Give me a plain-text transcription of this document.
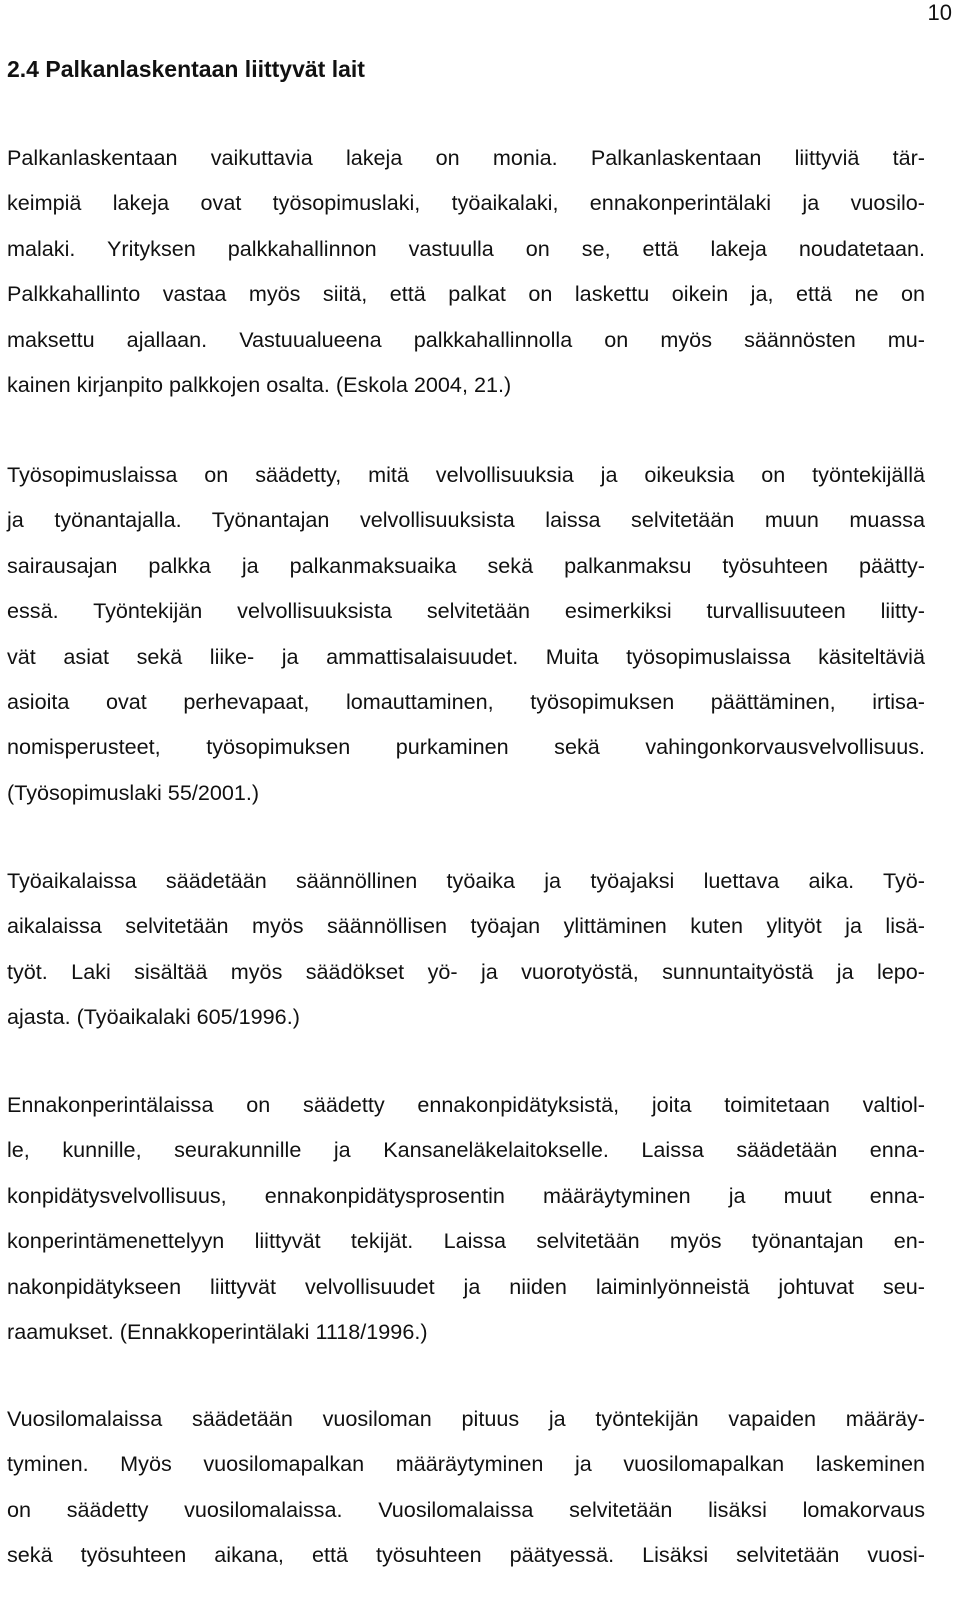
10
2.4 Palkanlaskentaan liittyvät lait

Palkanlaskentaan vaikuttavia lakeja on monia. Palkanlaskentaan liittyviä tär-
keimpiä lakeja ovat työsopimuslaki, työaikalaki, ennakonperintälaki ja vuosilo-
malaki. Yrityksen palkkahallinnon vastuulla on se, että lakeja noudatetaan.
Palkkahallinto vastaa myös siitä, että palkat on laskettu oikein ja, että ne on
maksettu ajallaan. Vastuualueena palkkahallinnolla on myös säännösten mu-
kainen kirjanpito palkkojen osalta. (Eskola 2004, 21.)

Työsopimuslaissa on säädetty, mitä velvollisuuksia ja oikeuksia on työntekijällä
ja työnantajalla. Työnantajan velvollisuuksista laissa selvitetään muun muassa
sairausajan palkka ja palkanmaksuaika sekä palkanmaksu työsuhteen päätty-
essä. Työntekijän velvollisuuksista selvitetään esimerkiksi turvallisuuteen liitty-
vät asiat sekä liike- ja ammattisalaisuudet. Muita työsopimuslaissa käsiteltäviä
asioita ovat perhevapaat, lomauttaminen, työsopimuksen päättäminen, irtisa-
nomisperusteet, työsopimuksen purkaminen sekä vahingonkorvausvelvollisuus.
(Työsopimuslaki 55/2001.)

Työaikalaissa säädetään säännöllinen työaika ja työajaksi luettava aika. Työ-
aikalaissa selvitetään myös säännöllisen työajan ylittäminen kuten ylityöt ja lisä-
työt. Laki sisältää myös säädökset yö- ja vuorotyöstä, sunnuntaityöstä ja lepo-
ajasta. (Työaikalaki 605/1996.)

Ennakonperintälaissa on säädetty ennakonpidätyksistä, joita toimitetaan valtiol-
le, kunnille, seurakunnille ja Kansaneläkelaitokselle. Laissa säädetään enna-
konpidätysvelvollisuus, ennakonpidätysprosentin määräytyminen ja muut enna-
konperintämenettelyyn liittyvät tekijät. Laissa selvitetään myös työnantajan en-
nakonpidätykseen liittyvät velvollisuudet ja niiden laiminlyönneistä johtuvat seu-
raamukset. (Ennakkoperintälaki 1118/1996.)

Vuosilomalaissa säädetään vuosiloman pituus ja työntekijän vapaiden määräy-
tyminen. Myös vuosilomapalkan määräytyminen ja vuosilomapalkan laskeminen
on säädetty vuosilomalaissa. Vuosilomalaissa selvitetään lisäksi lomakorvaus
sekä työsuhteen aikana, että työsuhteen päätyessä. Lisäksi selvitetään vuosi-
